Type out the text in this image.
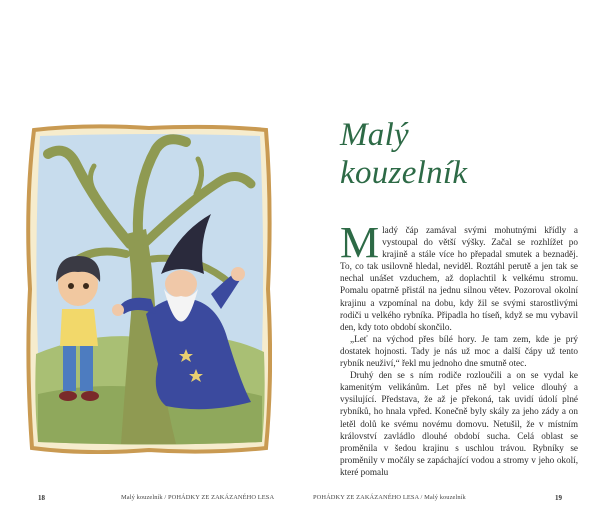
18	Malý kouzelník / POHÁDKY ZE ZAKÁZANÉHO LESA
Malý
kouzelník

Mladý čáp zamával svými mohutnými křídly a vystoupal do větší výšky. Začal se rozhlížet po krajině a stále více ho přepadal smutek a beznaděj. To, co tak usilovně hledal, neviděl. Roztáhl perutě a jen tak se nechal unášet vzduchem, až doplachtil k velkému stromu. Pomalu opatrně přistál na jednu silnou větev. Pozoroval okolní krajinu a vzpomínal na dobu, kdy žil se svými starostlivými rodiči u velkého rybníka. Připadla ho tíseň, když se mu vybavil den, kdy toto období skončilo.

„Leť na východ přes bílé hory. Je tam zem, kde je prý dostatek hojnosti. Tady je nás už moc a další čápy už tento rybník neuživí,“ řekl mu jednoho dne smutně otec.

Druhý den se s ním rodiče rozloučili a on se vydal ke kamenitým velikánům. Let přes ně byl velice dlouhý a vysilující. Představa, že až je překoná, tak uvidí údolí plné rybníků, ho hnala vpřed. Konečně byly skály za jeho zády a on letěl dolů ke svému novému domovu. Netušil, že v místním království zavládlo dlouhé období sucha. Celá oblast se proměnila v šedou krajinu s uschlou trávou. Rybníky se proměnily v močály se zapáchající vodou a stromy v jeho okolí, které pomalu

POHÁDKY ZE ZAKÁZANÉHO LESA / Malý kouzelník	19
